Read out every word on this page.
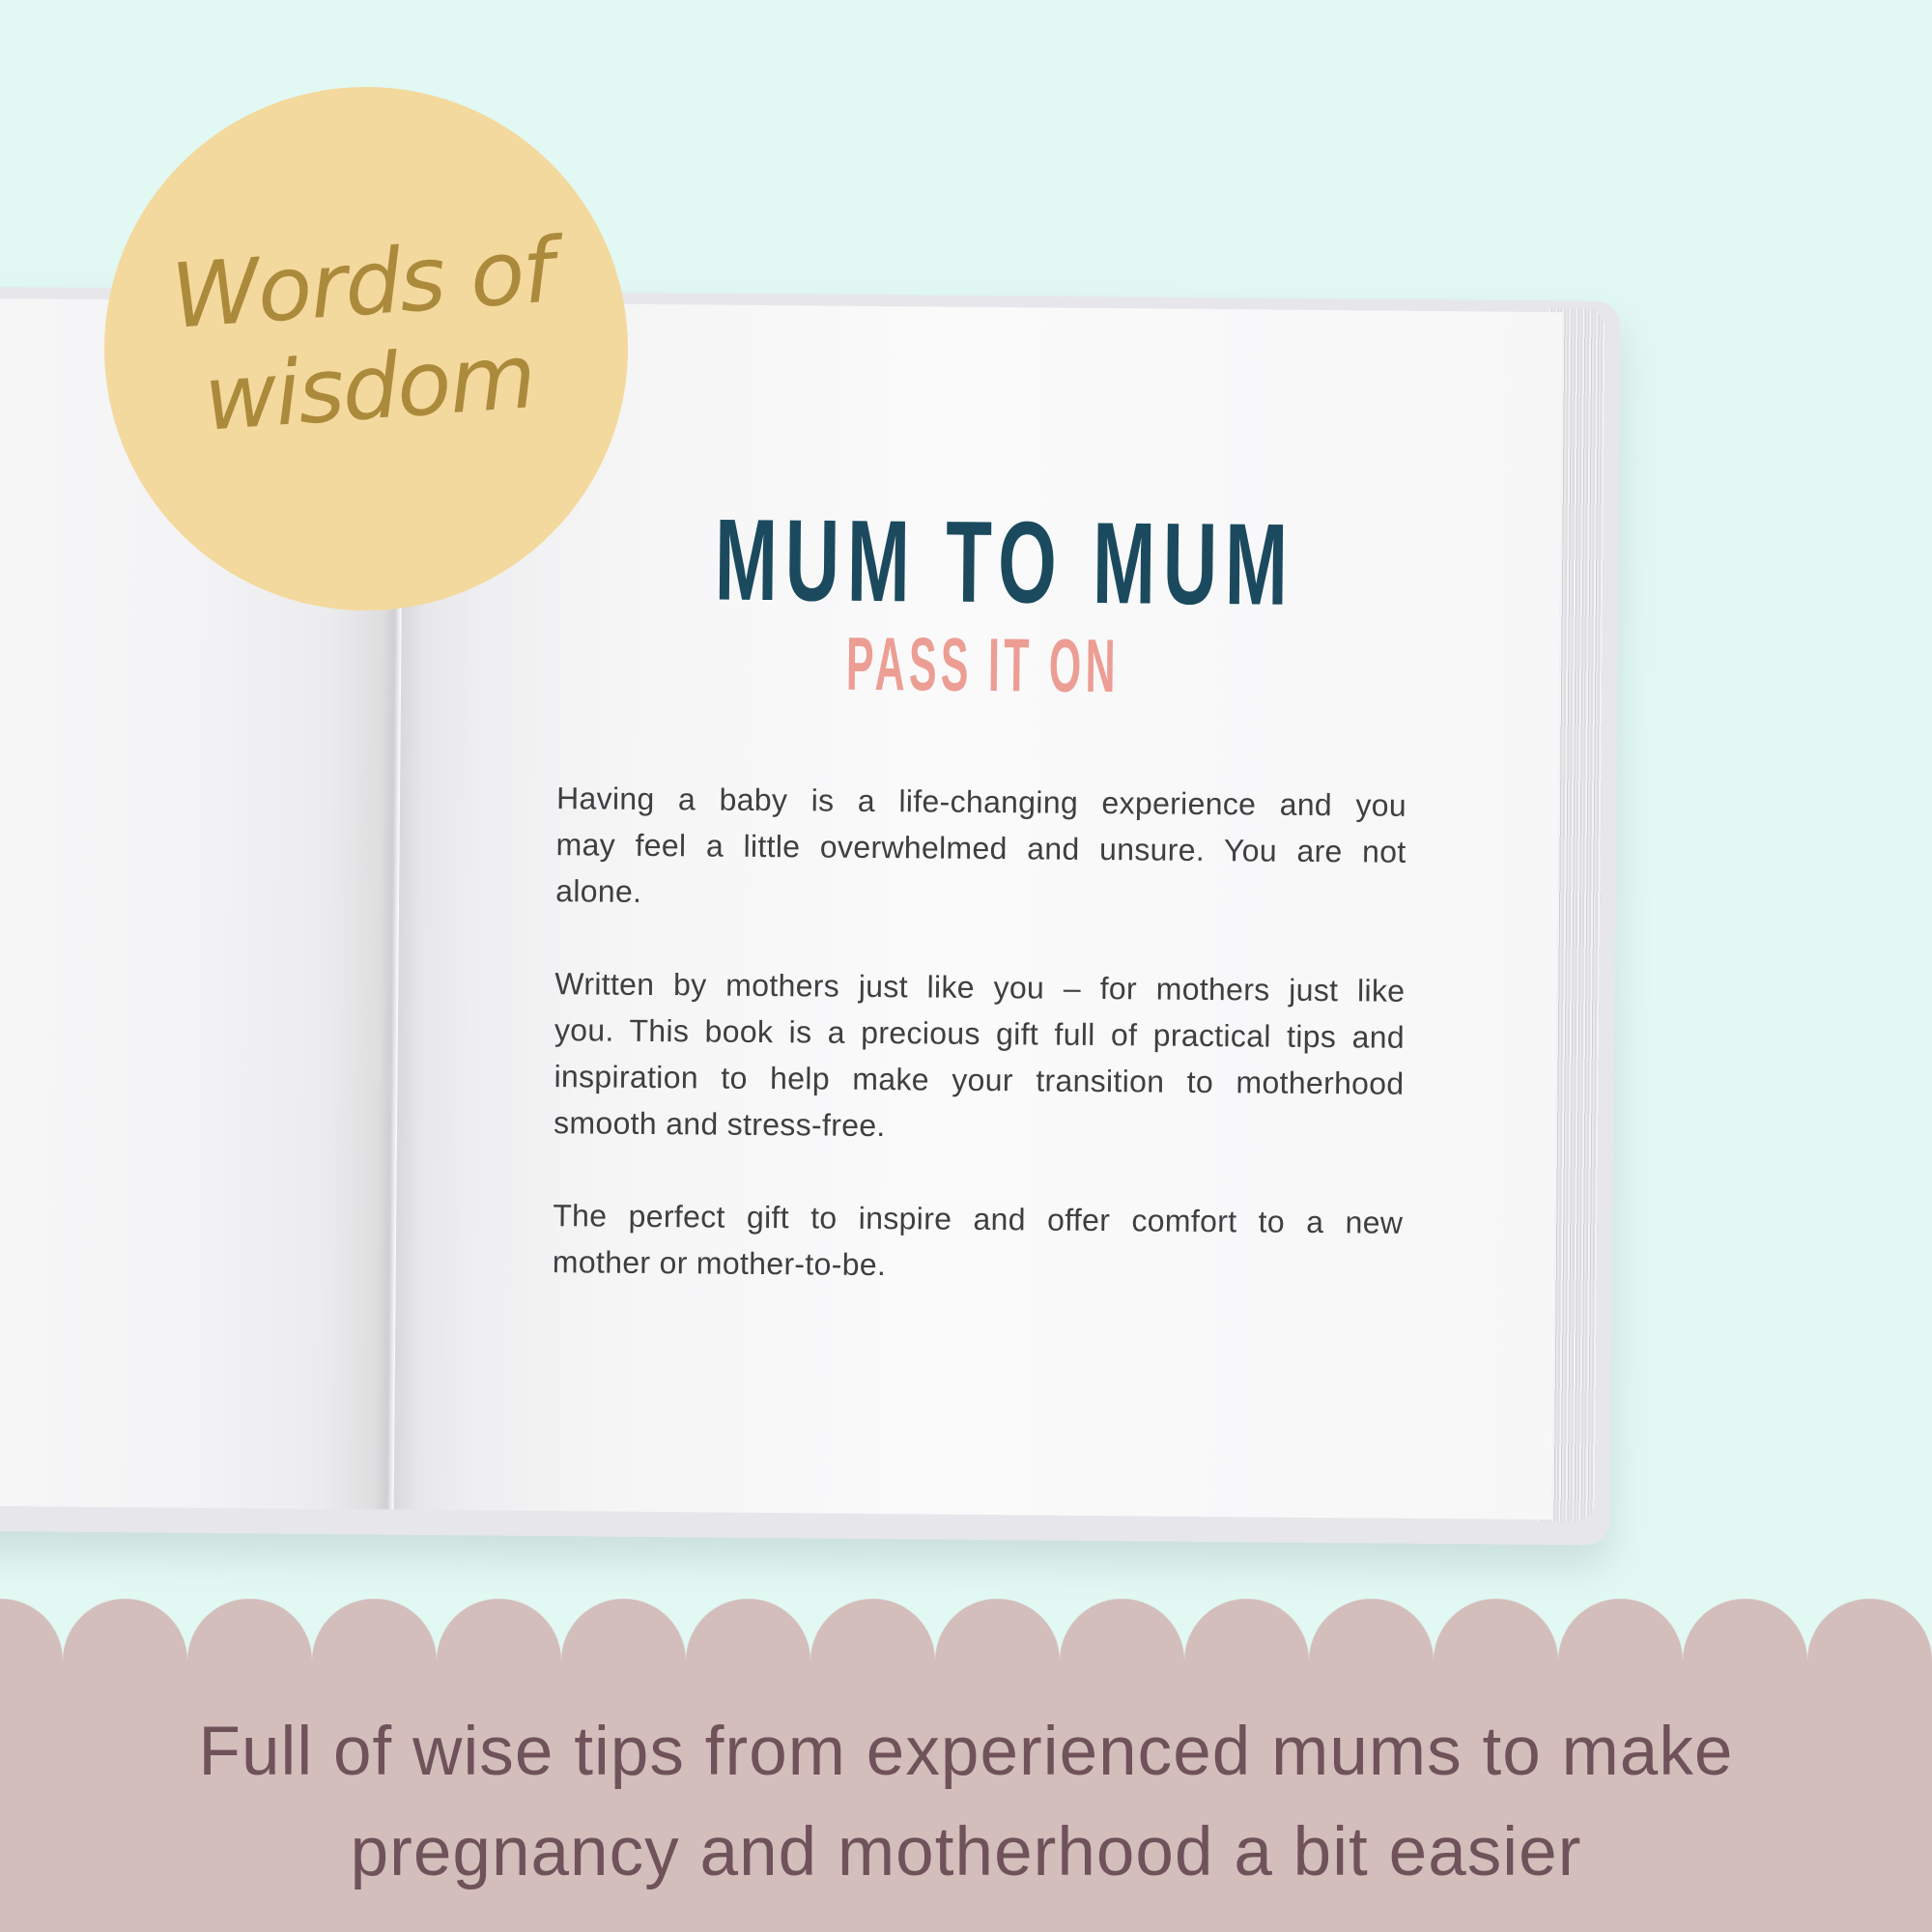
MUM TO MUM
PASS IT ON

Having a baby is a life-changing experience and you
may feel a little overwhelmed and unsure. You are not
alone.

Written by mothers just like you – for mothers just like
you. This book is a precious gift full of practical tips and
inspiration to help make your transition to motherhood
smooth and stress-free.

The perfect gift to inspire and offer comfort to a new
mother or mother-to-be.

Words of
wisdom
Full of wise tips from experienced mums to make
pregnancy and motherhood a bit easier
